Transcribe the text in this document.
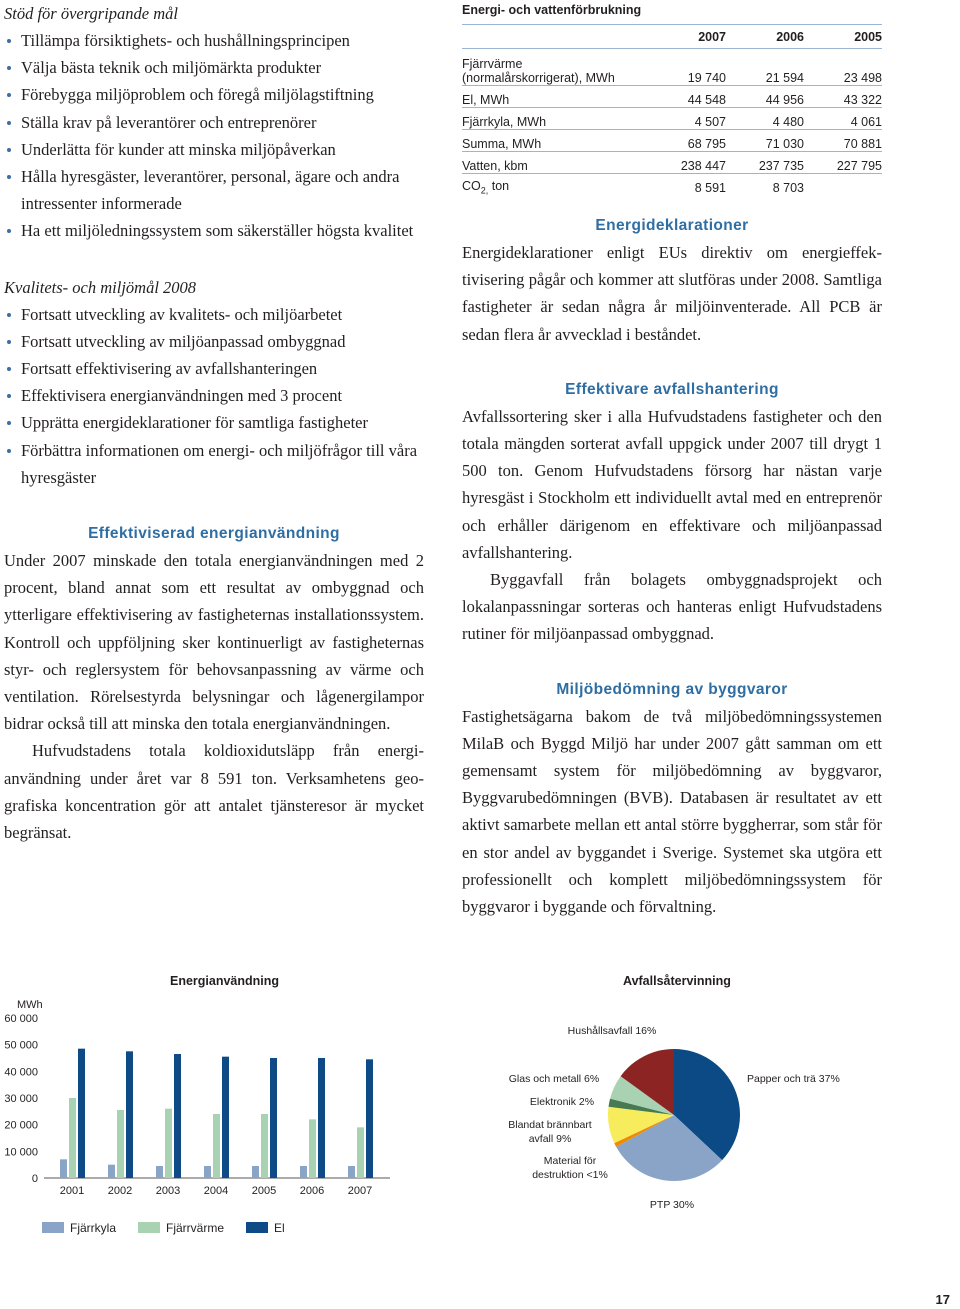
Stöd för övergripande mål

Tillämpa försiktighets- och hushållningsprincipen
Välja bästa teknik och miljömärkta produkter
Förebygga miljöproblem och föregå miljölagstiftning
Ställa krav på leverantörer och entreprenörer
Underlätta för kunder att minska miljöpåverkan
Hålla hyresgäster, leverantörer, personal, ägare och andra intressenter informerade
Ha ett miljöledningssystem som säkerställer högsta kvalitet

Kvalitets- och miljömål 2008

Fortsatt utveckling av kvalitets- och miljöarbetet
Fortsatt utveckling av miljöanpassad ombyggnad
Fortsatt effektivisering av avfallshanteringen
Effektivisera energianvändningen med 3 procent
Upprätta energideklarationer för samtliga fastigheter
Förbättra informationen om energi- och miljöfrågor till våra hyresgäster

Effektiviserad energianvändning

Under 2007 minskade den totala energianvändningen med 2 procent, bland annat som ett resultat av ombyggnad och ytterligare effektivisering av fastigheternas installationssystem. Kontroll och uppföljning sker kontinuerligt av fastigheternas styr- och reglersystem för behovsanpassning av värme och ventilation. Rörelsestyrda belysningar och lågenergilampor bidrar också till att minska den totala energianvändningen.

Hufvudstadens totala koldioxidutsläpp från energianvändning under året var 8 591 ton. Verksamhetens geografiska koncentration gör att antalet tjänsteresor är mycket begränsat.

Energi- och vattenförbrukning
	2007	2006	2005
Fjärrvärme
(normalårskorrigerat), MWh	19 740	21 594	23 498
El, MWh	44 548	44 956	43 322
Fjärrkyla, MWh	4 507	4 480	4 061
Summa, MWh	68 795	71 030	70 881
Vatten, kbm	238 447	237 735	227 795
$CO_{2,}$ ton	8 591	8 703	

Energideklarationer

Energideklarationer enligt EUs direktiv om energieffektivisering pågår och kommer att slutföras under 2008. Samtliga fastigheter är sedan några år miljöinventerade. All PCB är sedan flera år avvecklad i beståndet.

Effektivare avfallshantering

Avfallssortering sker i alla Hufvudstadens fastigheter och den totala mängden sorterat avfall uppgick under 2007 till drygt 1 500 ton. Genom Hufvudstadens försorg har nästan varje hyresgäst i Stockholm ett individuellt avtal med en entreprenör och erhåller därigenom en effektivare och miljöanpassad avfallshantering.

Byggavfall från bolagets ombyggnadsprojekt och lokalanpassningar sorteras och hanteras enligt Hufvudstadens rutiner för miljöanpassad ombyggnad.

Miljöbedömning av byggvaror

Fastighetsägarna bakom de två miljöbedömningssystemen MilaB och Byggd Miljö har under 2007 gått samman om ett gemensamt system för miljöbedömning av byggvaror, Byggvarubedömningen (BVB). Databasen är resultatet av ett aktivt samarbete mellan ett antal större byggherrar, som står för en stor andel av byggandet i Sverige. Systemet ska utgöra ett professionellt och komplett miljöbedömningssystem för byggvaror i byggande och förvaltning.

Energianvändning	Avfallsåtervinning
MWh
0
10 000
20 000
30 000
40 000
50 000
60 000
2001 2002 2003 2004 2005 2006 2007
Fjärrkyla	Fjärrvärme	El
Papper och trä 37%
PTP 30%
Material för destruktion <1%
Blandat brännbart avfall 9%
Elektronik 2%
Glas och metall 6%
Hushållsavfall 16%
17
